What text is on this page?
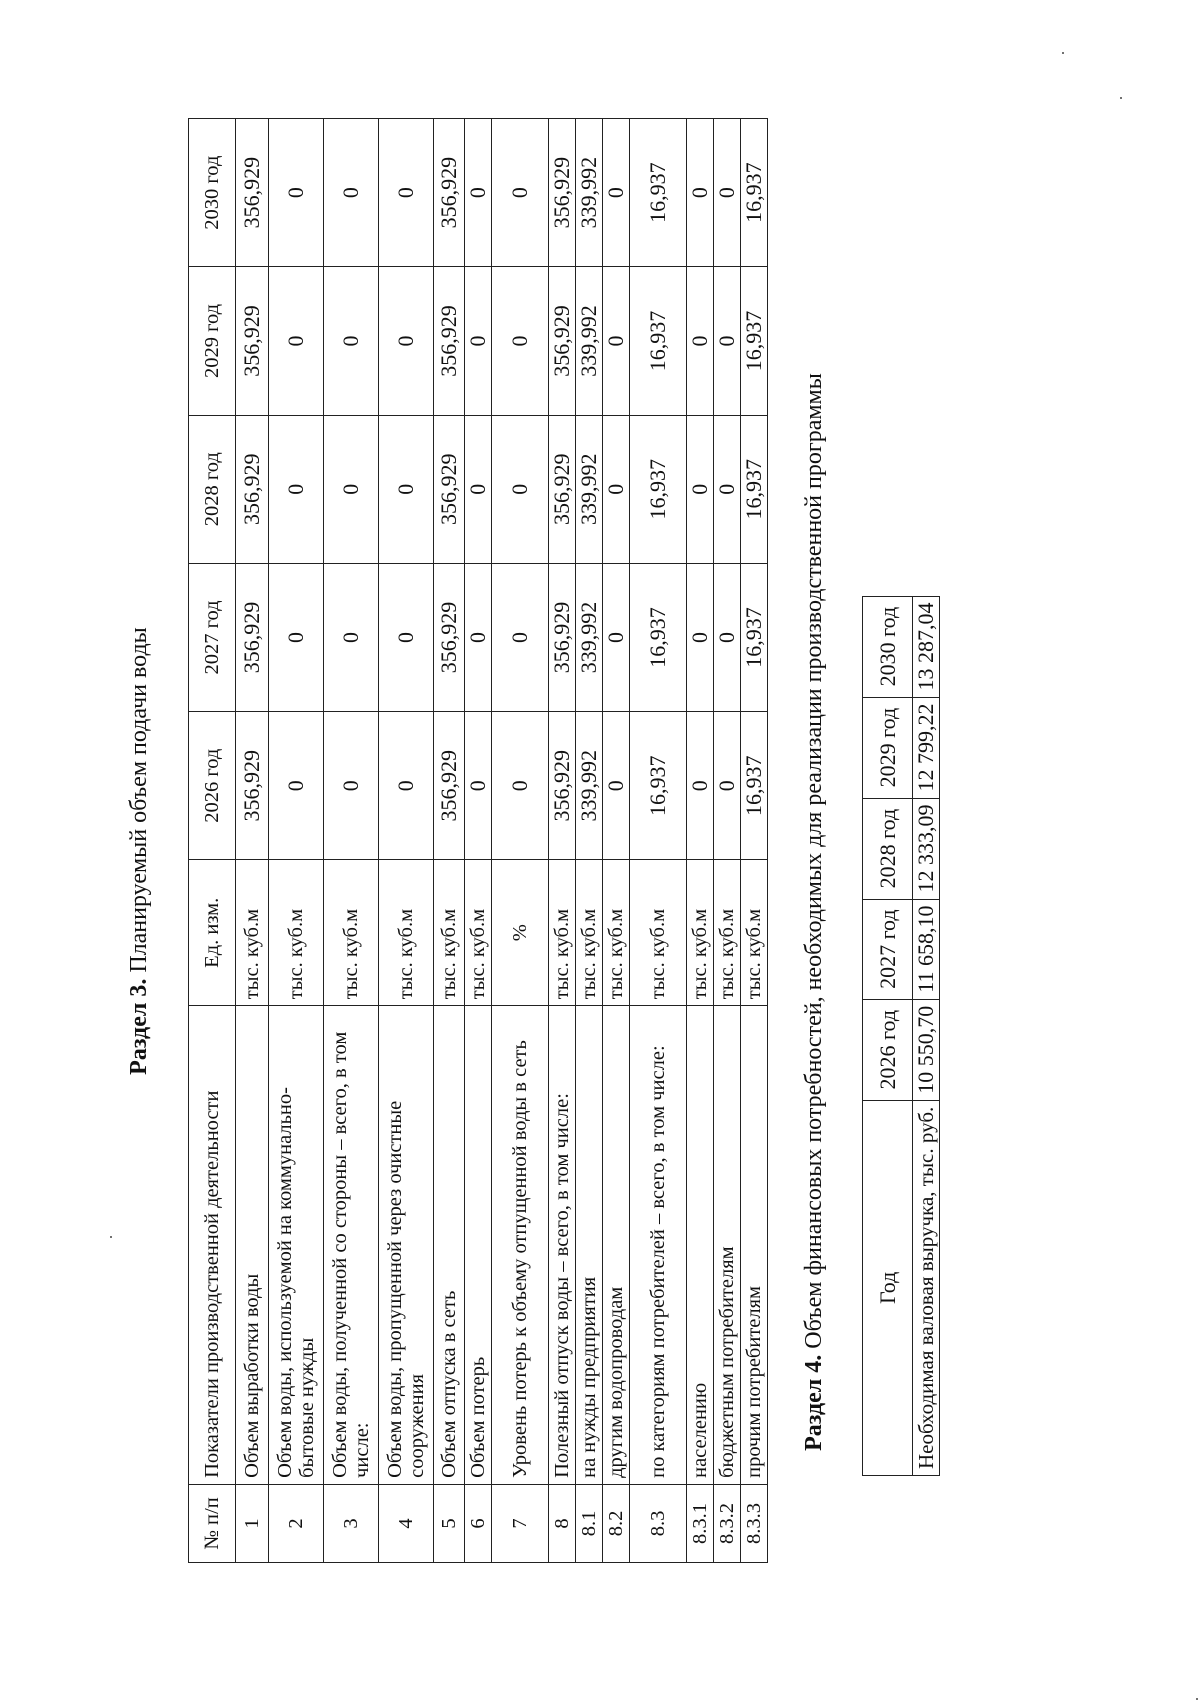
Раздел 3. Планируемый объем подачи воды
№ п/п	Показатели производственной деятельности	Ед. изм.	2026 год	2027 год	2028 год	2029 год	2030 год
1	Объем выработки воды	тыс. куб.м	356,929	356,929	356,929	356,929	356,929
2	Объем воды, используемой на коммунально-бытовые нужды	тыс. куб.м	0	0	0	0	0
3	Объем воды, полученной со стороны – всего, в том числе:	тыс. куб.м	0	0	0	0	0
4	Объем воды, пропущенной через очистные сооружения	тыс. куб.м	0	0	0	0	0
5	Объем отпуска в сеть	тыс. куб.м	356,929	356,929	356,929	356,929	356,929
6	Объем потерь	тыс. куб.м	0	0	0	0	0
7	Уровень потерь к объему отпущенной воды в сеть	%	0	0	0	0	0
8	Полезный отпуск воды – всего, в том числе:	тыс. куб.м	356,929	356,929	356,929	356,929	356,929
8.1	на нужды предприятия	тыс. куб.м	339,992	339,992	339,992	339,992	339,992
8.2	другим водопроводам	тыс. куб.м	0	0	0	0	0
8.3	по категориям потребителей – всего, в том числе:	тыс. куб.м	16,937	16,937	16,937	16,937	16,937
8.3.1	населению	тыс. куб.м	0	0	0	0	0
8.3.2	бюджетным потребителям	тыс. куб.м	0	0	0	0	0
8.3.3	прочим потребителям	тыс. куб.м	16,937	16,937	16,937	16,937	16,937
Раздел 4. Объем финансовых потребностей, необходимых для реализации производственной программы Год	2026 год	2027 год	2028 год	2029 год	2030 год
Необходимая валовая выручка, тыс. руб.	10 550,70	11 658,10	12 333,09	12 799,22	13 287,04
